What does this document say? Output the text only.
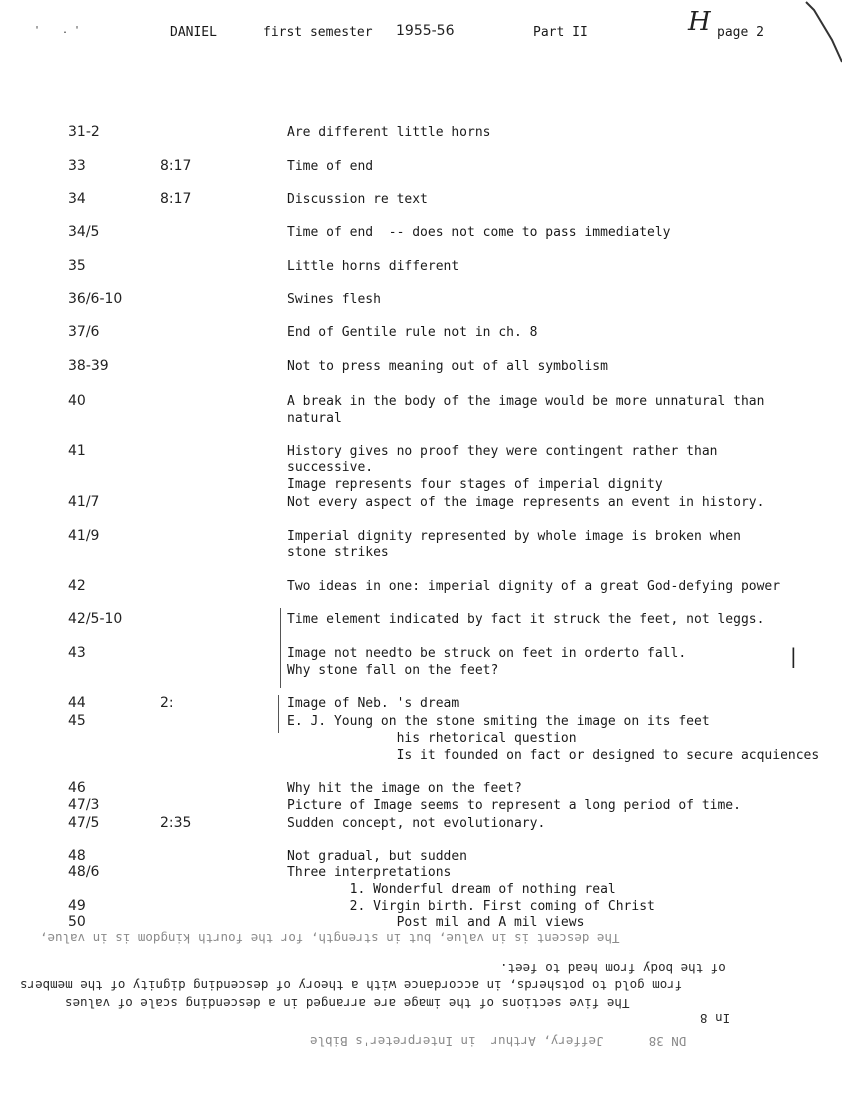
' . '	DANIEL	first semester 1955-56	Part II	H page 2
31-2	Are different little horns
33	8:17	Time of end
34	8:17	Discussion re text
34/5	Time of end  -- does not come to pass immediately
35	Little horns different
36/6-10	Swines flesh
37/6	End of Gentile rule not in ch. 8
38-39	Not to press meaning out of all symbolism
40	A break in the body of the image would be more unnatural than
natural
41	History gives no proof they were contingent rather than
successive.
Image represents four stages of imperial dignity
41/7	Not every aspect of the image represents an event in history.
41/9	Imperial dignity represented by whole image is broken when
stone strikes
42	Two ideas in one: imperial dignity of a great God-defying power
42/5-10	Time element indicated by fact it struck the feet, not leggs.
43	Image not needto be struck on feet in orderto fall.
Why stone fall on the feet?
44	2:	Image of Neb. 's dream
45	E. J. Young on the stone smiting the image on its feet
his rhetorical question
Is it founded on fact or designed to secure acquiences
46	Why hit the image on the feet?
47/3	Picture of Image seems to represent a long period of time.
47/5	2:35	Sudden concept, not evolutionary.
48	Not gradual, but sudden
48/6	Three interpretations
1. Wonderful dream of nothing real
49	2. Virgin birth. First coming of Christ
50	Post mil and A mil views
|
The descent is in value, but in strength, for the fourth kingdom is in value,
of the body from head to feet.
from gold to potsherds, in accordance with a theory of descending dignity of the members
The five sections of the image are arranged in a descending scale of values
In 8
DN 38      Jeffery, Arthur  in Interpreter's Bible
